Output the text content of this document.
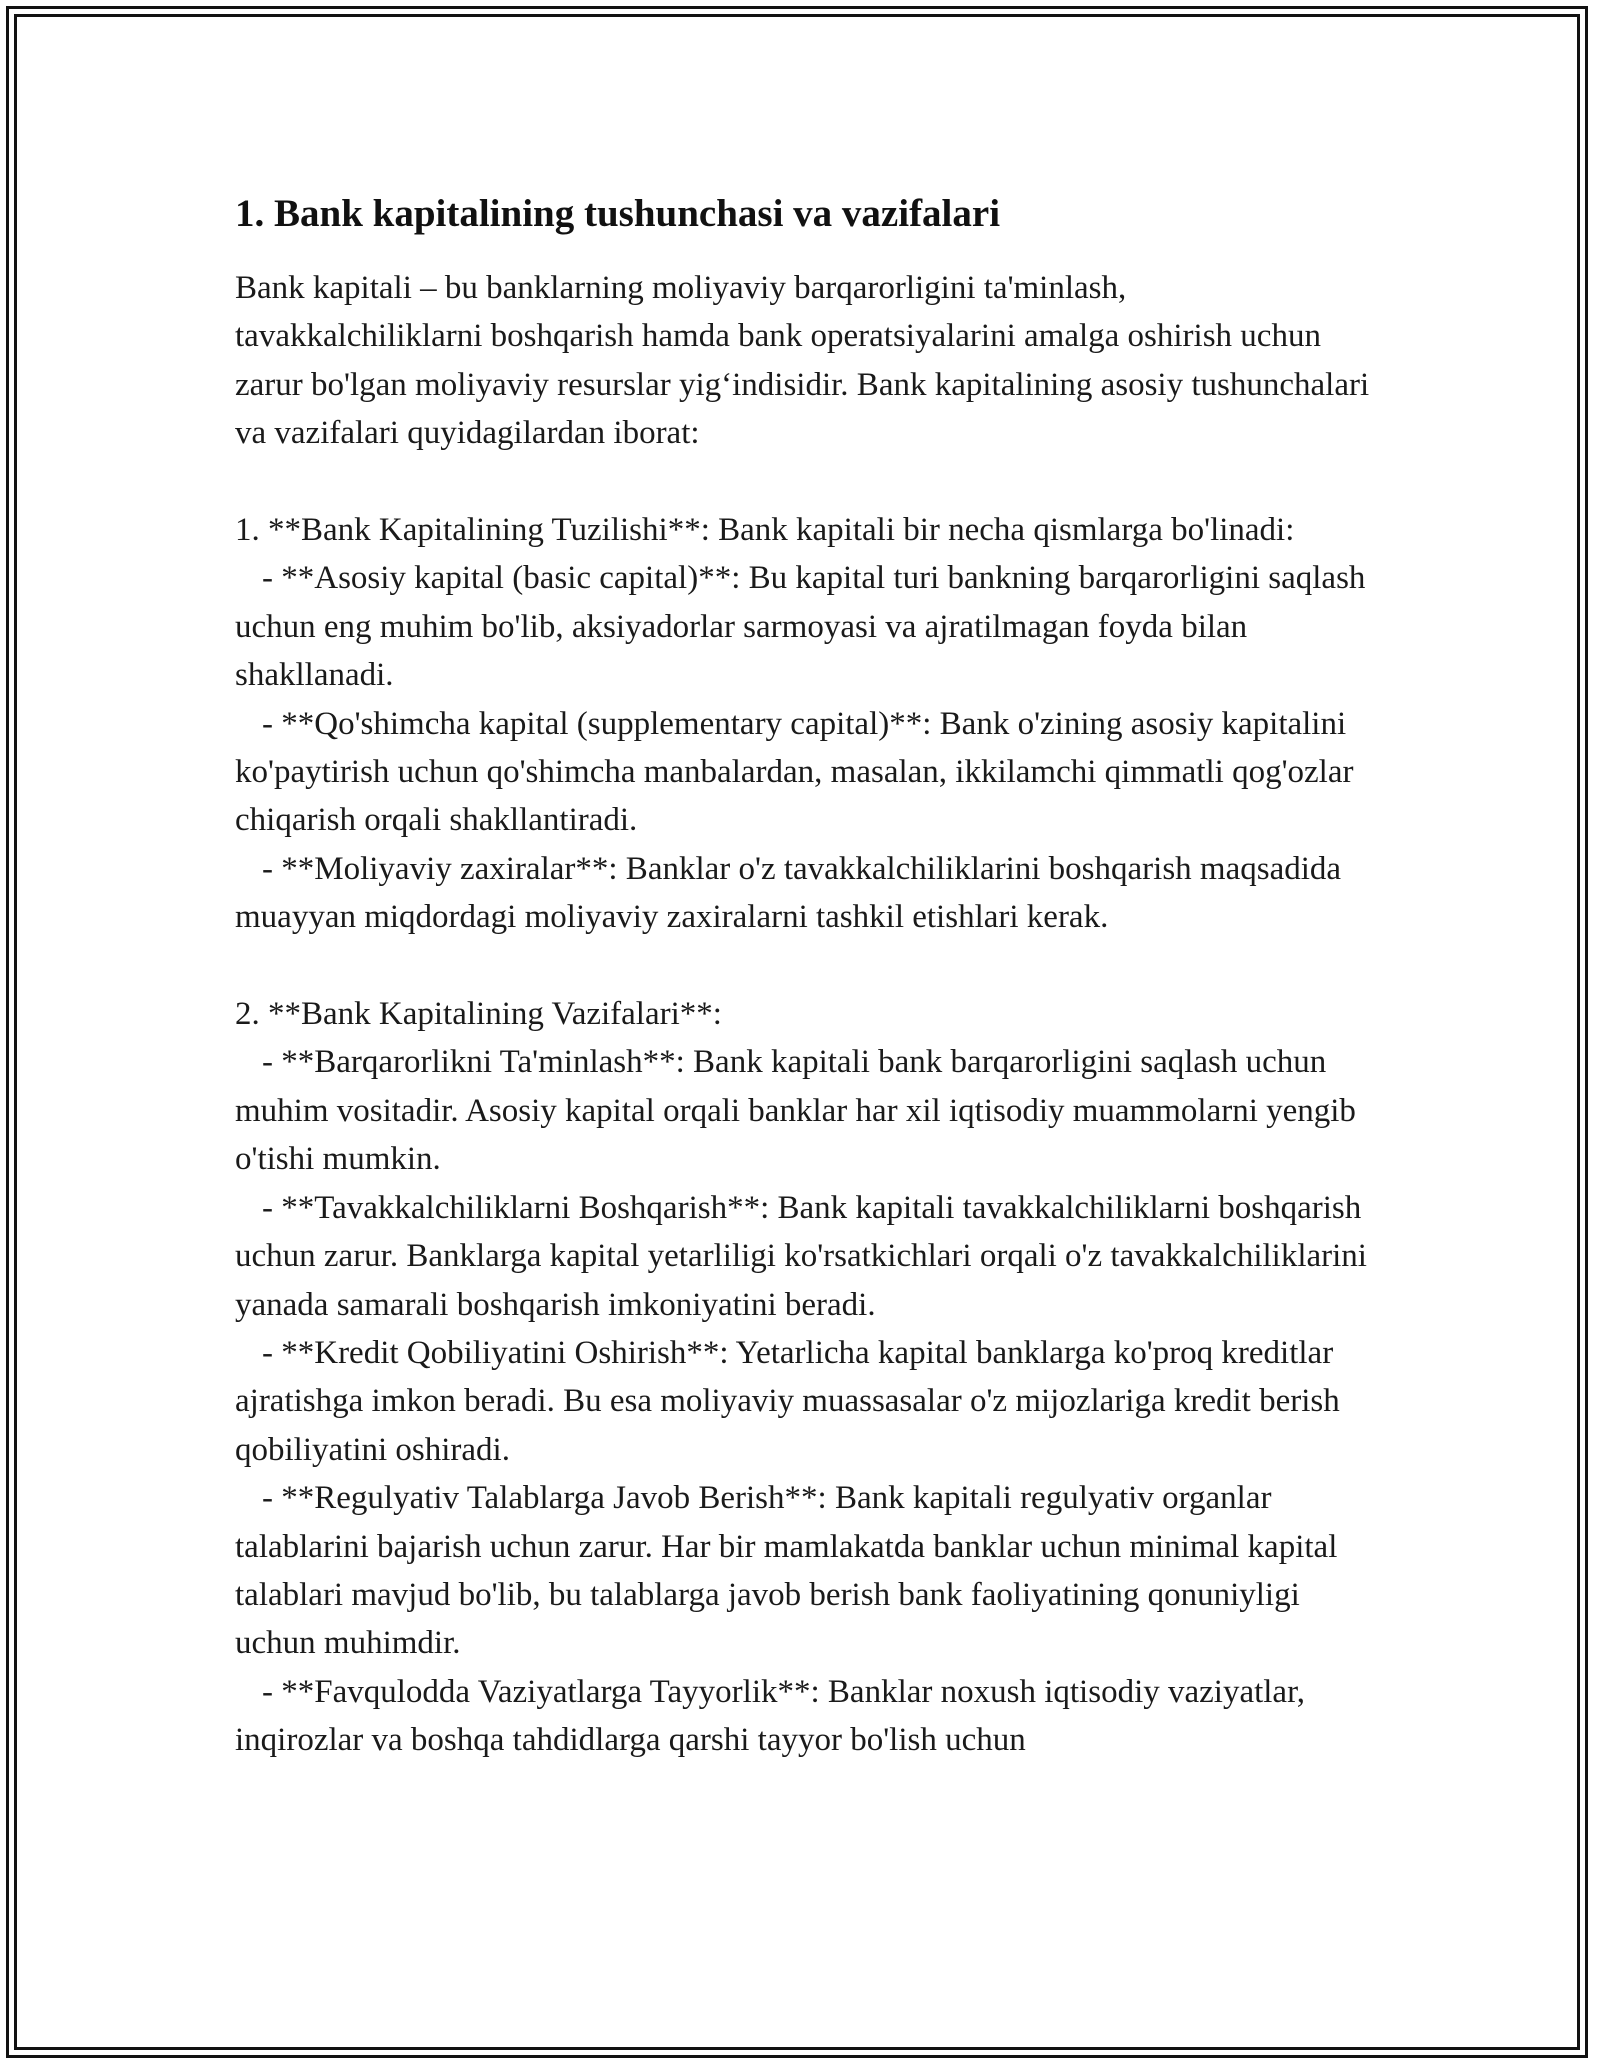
1. Bank kapitalining tushunchasi va vazifalari

Bank kapitali – bu banklarning moliyaviy barqarorligini ta'minlash, tavakkalchiliklarni boshqarish hamda bank operatsiyalarini amalga oshirish uchun zarur bo'lgan moliyaviy resurslar yig‘indisidir. Bank kapitalining asosiy tushunchalari va vazifalari quyidagilardan iborat:

1. **Bank Kapitalining Tuzilishi**: Bank kapitali bir necha qismlarga bo'linadi:

- **Asosiy kapital (basic capital)**: Bu kapital turi bankning barqarorligini saqlash uchun eng muhim bo'lib, aksiyadorlar sarmoyasi va ajratilmagan foyda bilan shakllanadi.

- **Qo'shimcha kapital (supplementary capital)**: Bank o'zining asosiy kapitalini ko'paytirish uchun qo'shimcha manbalardan, masalan, ikkilamchi qimmatli qog'ozlar chiqarish orqali shakllantiradi.

- **Moliyaviy zaxiralar**: Banklar o'z tavakkalchiliklarini boshqarish maqsadida muayyan miqdordagi moliyaviy zaxiralarni tashkil etishlari kerak.

2. **Bank Kapitalining Vazifalari**:

- **Barqarorlikni Ta'minlash**: Bank kapitali bank barqarorligini saqlash uchun muhim vositadir. Asosiy kapital orqali banklar har xil iqtisodiy muammolarni yengib o'tishi mumkin.

- **Tavakkalchiliklarni Boshqarish**: Bank kapitali tavakkalchiliklarni boshqarish uchun zarur. Banklarga kapital yetarliligi ko'rsatkichlari orqali o'z tavakkalchiliklarini yanada samarali boshqarish imkoniyatini beradi.

- **Kredit Qobiliyatini Oshirish**: Yetarlicha kapital banklarga ko'proq kreditlar ajratishga imkon beradi. Bu esa moliyaviy muassasalar o'z mijozlariga kredit berish qobiliyatini oshiradi.

- **Regulyativ Talablarga Javob Berish**: Bank kapitali regulyativ organlar talablarini bajarish uchun zarur. Har bir mamlakatda banklar uchun minimal kapital talablari mavjud bo'lib, bu talablarga javob berish bank faoliyatining qonuniyligi uchun muhimdir.

- **Favqulodda Vaziyatlarga Tayyorlik**: Banklar noxush iqtisodiy vaziyatlar, inqirozlar va boshqa tahdidlarga qarshi tayyor bo'lish uchun
